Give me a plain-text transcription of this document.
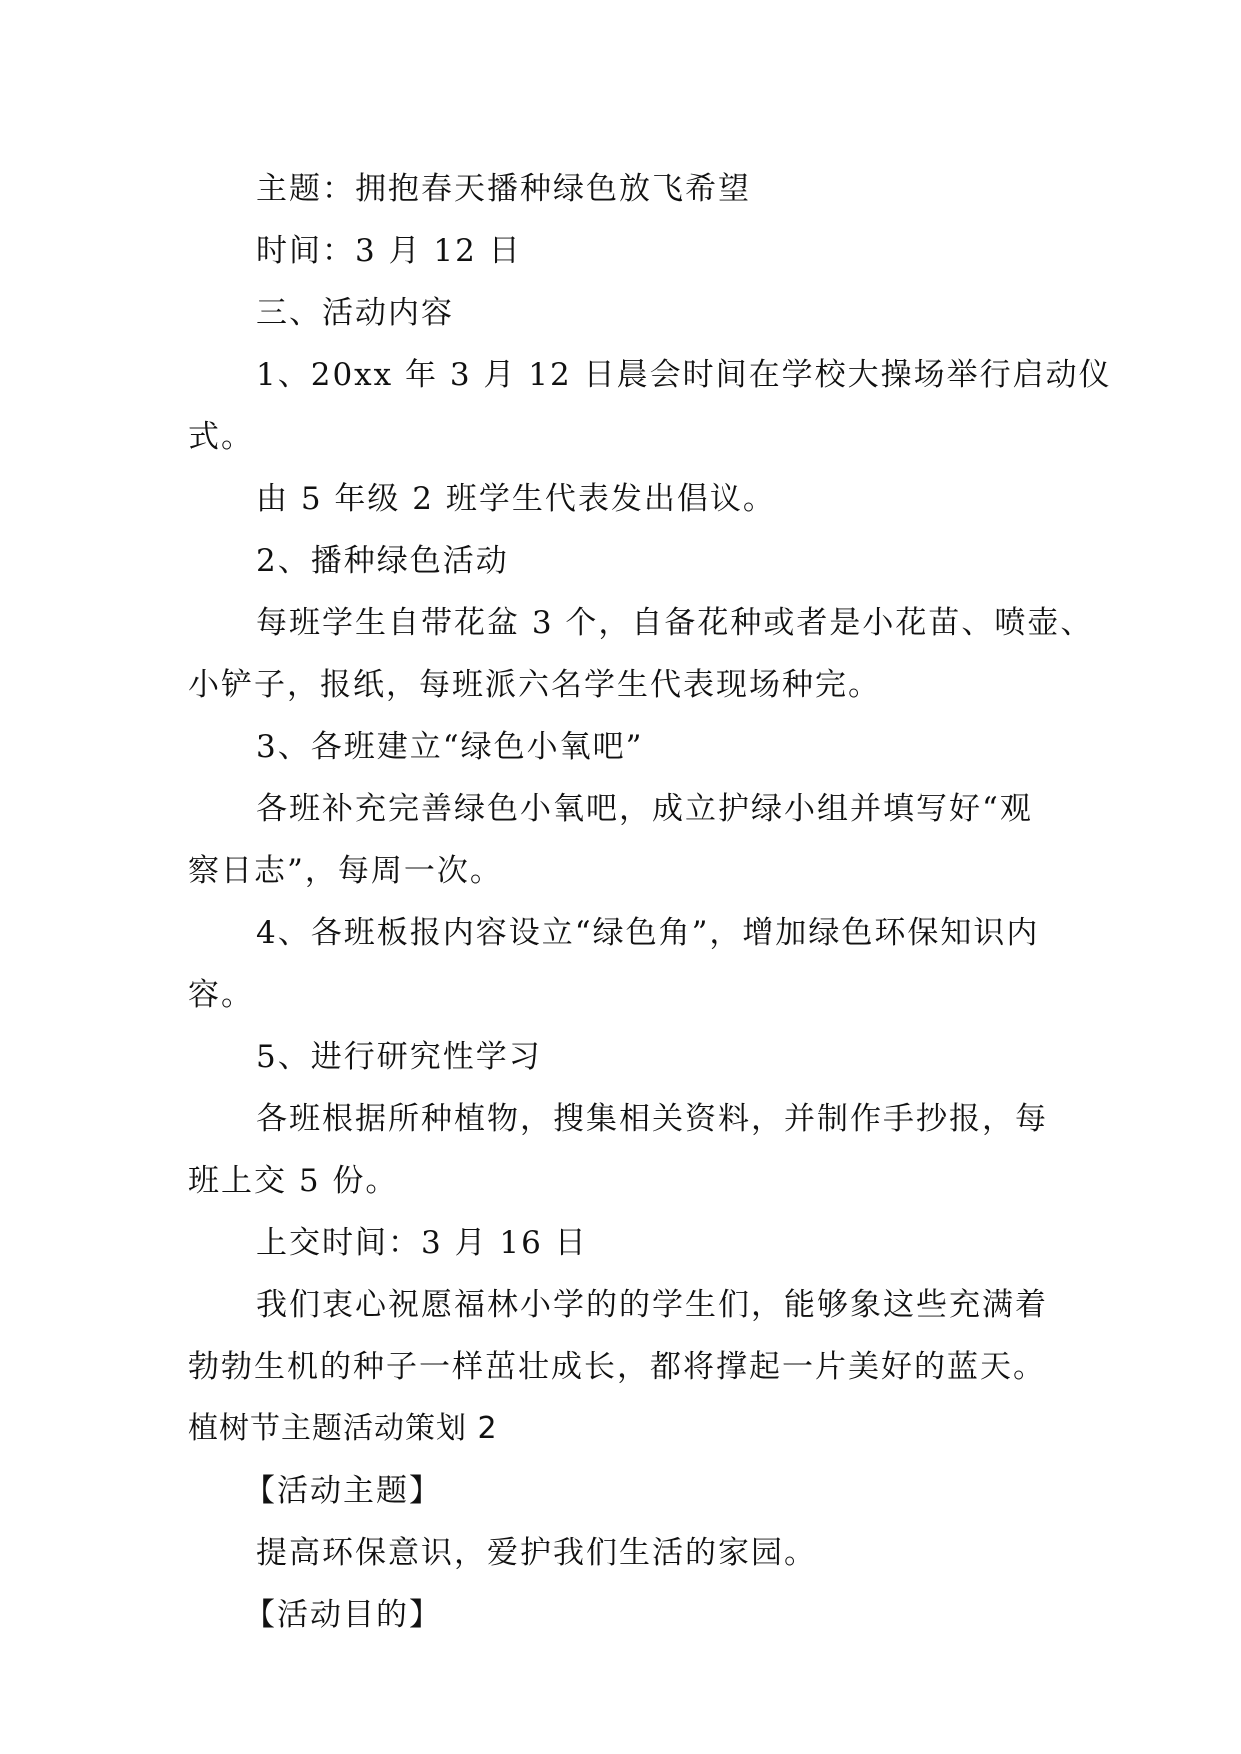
主题：拥抱春天播种绿色放飞希望
时间：3 月 12 日
三、活动内容
1、20xx 年 3 月 12 日晨会时间在学校大操场举行启动仪
式。
由 5 年级 2 班学生代表发出倡议。
2、播种绿色活动
每班学生自带花盆 3 个，自备花种或者是小花苗、喷壶、
小铲子，报纸，每班派六名学生代表现场种完。
3、各班建立“绿色小氧吧”
各班补充完善绿色小氧吧，成立护绿小组并填写好“观
察日志”，每周一次。
4、各班板报内容设立“绿色角”，增加绿色环保知识内
容。
5、进行研究性学习
各班根据所种植物，搜集相关资料，并制作手抄报，每
班上交 5 份。
上交时间：3 月 16 日
我们衷心祝愿福林小学的的学生们，能够象这些充满着
勃勃生机的种子一样茁壮成长，都将撑起一片美好的蓝天。
植树节主题活动策划 2
【活动主题】
提高环保意识，爱护我们生活的家园。
【活动目的】
